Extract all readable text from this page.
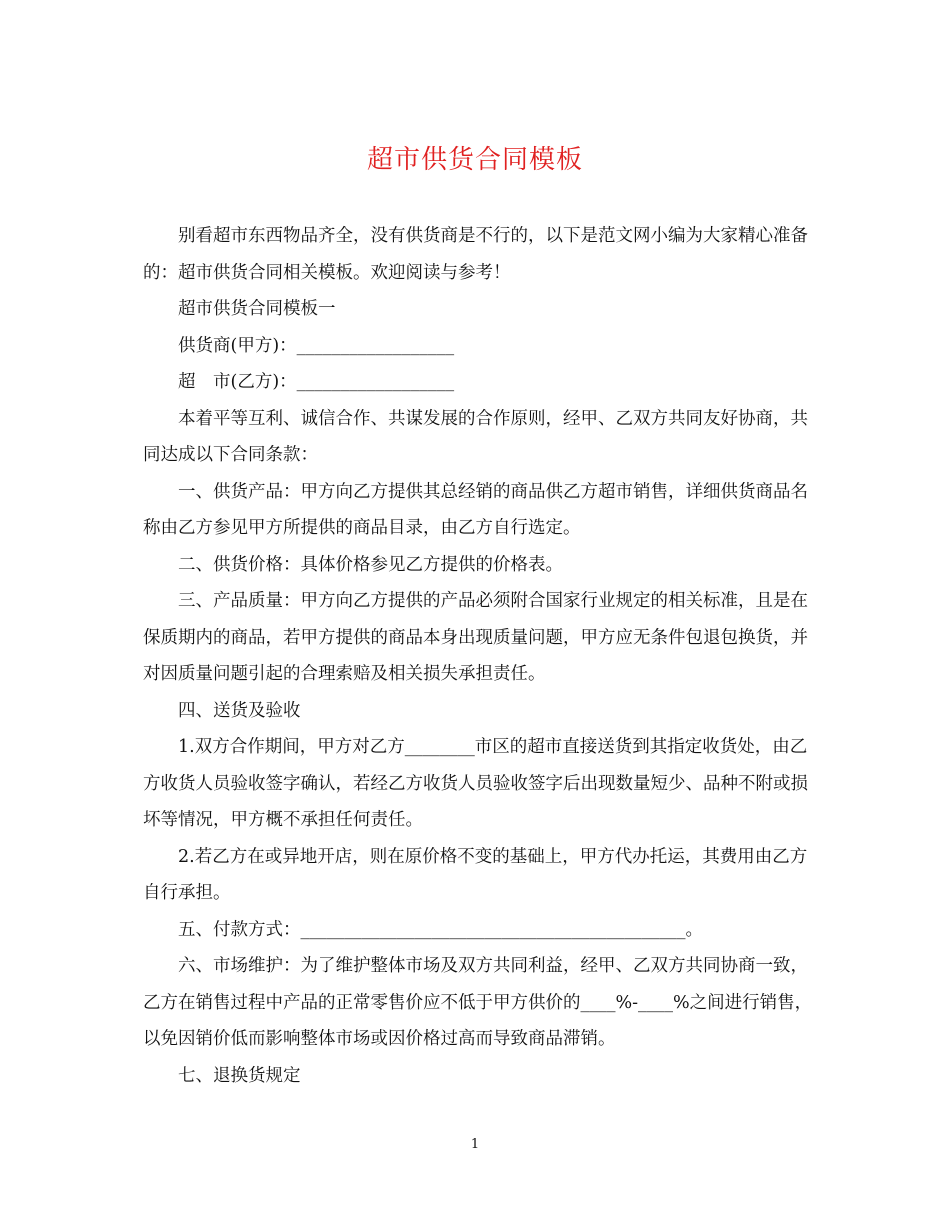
超市供货合同模板

别看超市东西物品齐全，没有供货商是不行的，以下是范文网小编为大家精心准备的：超市供货合同相关模板。欢迎阅读与参考！

超市供货合同模板一

供货商(甲方)：__________________

超　市(乙方)：__________________

本着平等互利、诚信合作、共谋发展的合作原则，经甲、乙双方共同友好协商，共同达成以下合同条款：

一、供货产品：甲方向乙方提供其总经销的商品供乙方超市销售，详细供货商品名称由乙方参见甲方所提供的商品目录，由乙方自行选定。

二、供货价格：具体价格参见乙方提供的价格表。

三、产品质量：甲方向乙方提供的产品必须附合国家行业规定的相关标准，且是在保质期内的商品，若甲方提供的商品本身出现质量问题，甲方应无条件包退包换货，并对因质量问题引起的合理索赔及相关损失承担责任。

四、送货及验收

1.双方合作期间，甲方对乙方________市区的超市直接送货到其指定收货处，由乙方收货人员验收签字确认，若经乙方收货人员验收签字后出现数量短少、品种不附或损坏等情况，甲方概不承担任何责任。

2.若乙方在或异地开店，则在原价格不变的基础上，甲方代办托运，其费用由乙方自行承担。

五、付款方式：____________________________________________。

六、市场维护：为了维护整体市场及双方共同利益，经甲、乙双方共同协商一致，乙方在销售过程中产品的正常零售价应不低于甲方供价的____%-____%之间进行销售，以免因销价低而影响整体市场或因价格过高而导致商品滞销。

七、退换货规定

1
